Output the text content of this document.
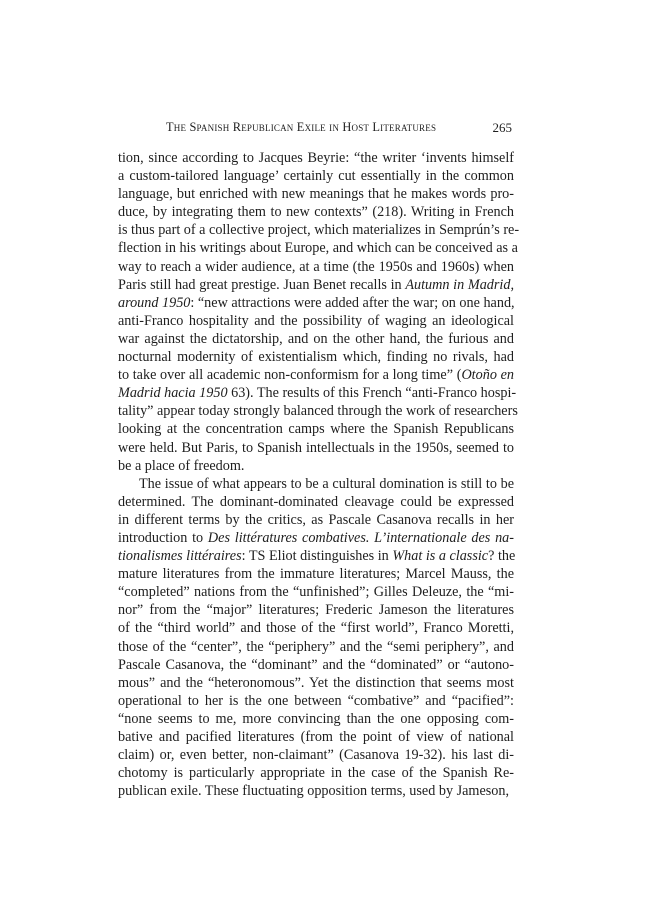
The Spanish Republican Exile in Host Literatures	265
tion, since according to Jacques Beyrie: “the writer ‘invents himself
a custom-tailored language’ certainly cut essentially in the common
language, but enriched with new meanings that he makes words pro-
duce, by integrating them to new contexts” (218). Writing in French
is thus part of a collective project, which materializes in Semprún’s re-
flection in his writings about Europe, and which can be conceived as a
way to reach a wider audience, at a time (the 1950s and 1960s) when
Paris still had great prestige. Juan Benet recalls in Autumn in Madrid,
around 1950: “new attractions were added after the war; on one hand,
anti-Franco hospitality and the possibility of waging an ideological
war against the dictatorship, and on the other hand, the furious and
nocturnal modernity of existentialism which, finding no rivals, had
to take over all academic non-conformism for a long time” (Otoño en
Madrid hacia 1950 63). The results of this French “anti-Franco hospi-
tality” appear today strongly balanced through the work of researchers
looking at the concentration camps where the Spanish Republicans
were held. But Paris, to Spanish intellectuals in the 1950s, seemed to
be a place of freedom.
The issue of what appears to be a cultural domination is still to be
determined. The dominant-dominated cleavage could be expressed
in different terms by the critics, as Pascale Casanova recalls in her
introduction to Des littératures combatives. L’internationale des na-
tionalismes littéraires: TS Eliot distinguishes in What is a classic? the
mature literatures from the immature literatures; Marcel Mauss, the
“completed” nations from the “unfinished”; Gilles Deleuze, the “mi-
nor” from the “major” literatures; Frederic Jameson the literatures
of the “third world” and those of the “first world”, Franco Moretti,
those of the “center”, the “periphery” and the “semi periphery”, and
Pascale Casanova, the “dominant” and the “dominated” or “autono-
mous” and the “heteronomous”. Yet the distinction that seems most
operational to her is the one between “combative” and “pacified”:
“none seems to me, more convincing than the one opposing com-
bative and pacified literatures (from the point of view of national
claim) or, even better, non-claimant” (Casanova 19-32). his last di-
chotomy is particularly appropriate in the case of the Spanish Re-
publican exile. These fluctuating opposition terms, used by Jameson,
